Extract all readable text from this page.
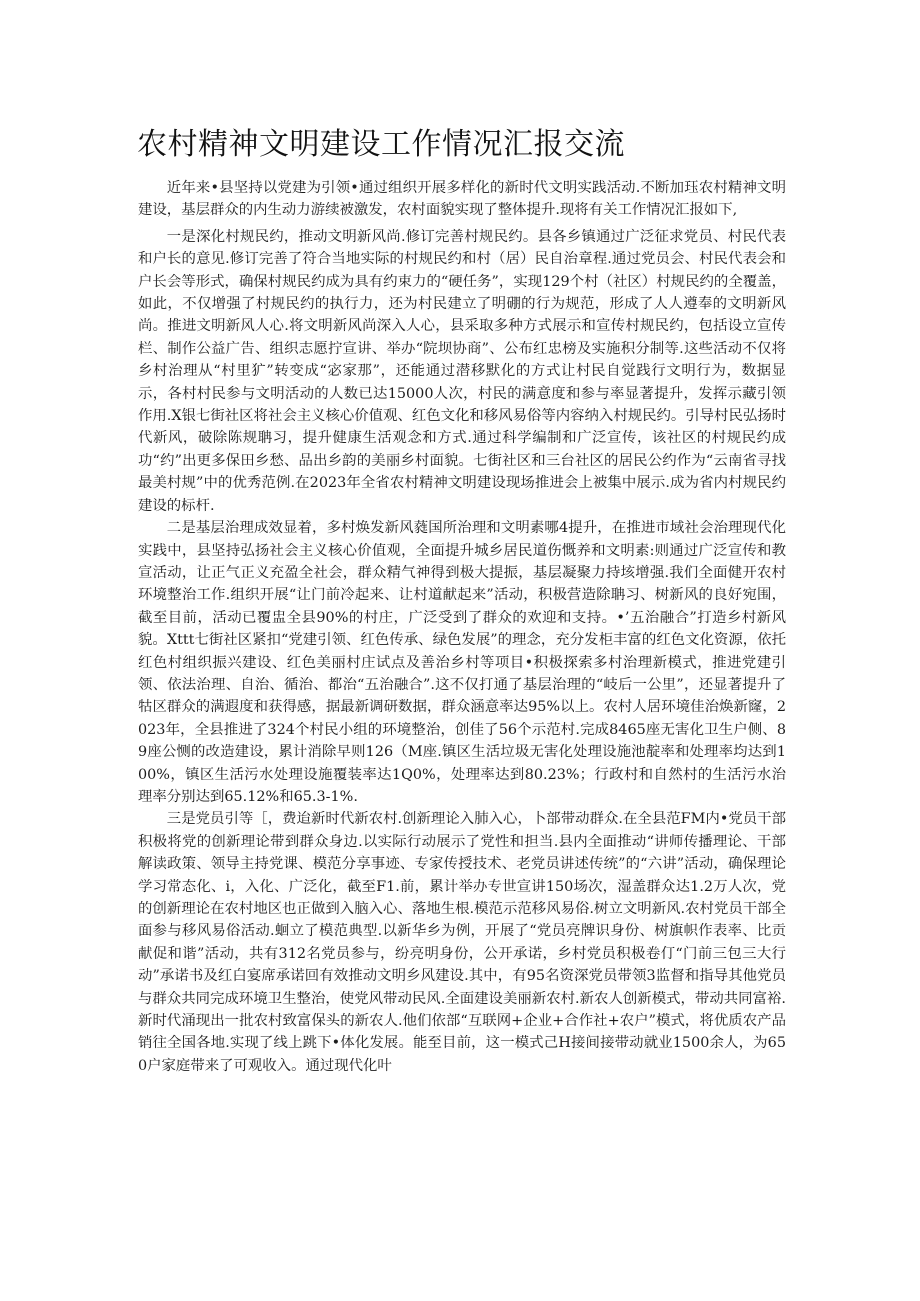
农村精神文明建设工作情况汇报交流

近年来•县坚持以党建为引领•通过组织开展多样化的新时代文明实践活动.不断加珏农村精神文明建设，基层群众的内生动力游续被激发，农村面貌实现了整体提升.现将有关工作情况汇报如下,

一是深化村规民约，推动文明新风尚.修订完善村规民约。县各乡镇通过广泛征求党员、村民代表和户长的意见.修订完善了符合当地实际的村规民约和村（居）民自治章程.通过党员会、村民代表会和户长会等形式，确保村规民约成为具有约束力的“硬任务”，实现129个村（社区）村规民约的全覆盖，如此，不仅增强了村规民约的执行力，还为村民建立了明硼的行为规范，形成了人人遵奉的文明新风尚。推进文明新风人心.将文明新风尚深入人心，县采取多种方式展示和宣传村规民约，包括设立宣传栏、制作公益广告、组织志愿拧宣讲、举办“院坝协商”、公布红忠榜及实施积分制等.这些活动不仅将乡村治理从“村里犷”转变成“宓家那”，还能通过潜移默化的方式让村民自觉践行文明行为，数据显示，各村村民参与文明活动的人数已达15000人次，村民的满意度和参与率显著提升，发挥示藏引领作用.X银七街社区将社会主义核心价值观、红色文化和移风易俗等内容纳入村规民约。引导村民弘扬时代新风，破除陈规聃习，提升健康生活观念和方式.通过科学编制和广泛宣传，该社区的村规民约成功“约”出更多保田乡愁、品出乡韵的美丽乡村面貌。七街社区和三台社区的居民公约作为“云南省寻找最美村规”中的优秀范例.在2023年全省农村精神文明建设现场推进会上被集中展示.成为省内村规民约建设的标杆.

二是基层治理成效显着，多村焕发新风蕤国所治理和文明素哪4提升，在推进市域社会治理现代化实践中，县坚持弘扬社会主义核心价值观，全面提升城乡居民道伤慨养和文明素:则通过广泛宣传和教宣活动，让正气正义充盈全社会，群众精气神得到极大提振，基层凝聚力持垓增强.我们全面健开农村环境整治工作.组织开展“让门前冷起来、让村道献起来”活动，积极营造除聃习、树新风的良好宛围，截至目前，活动已覆盅全县90%的村庄，广泛受到了群众的欢迎和支持。•’五治融合”打造乡村新风貌。Xttt七街社区紧扣“党建引领、红色传承、绿色发展”的理念，充分发柜丰富的红色文化资源，依托红色村组织振兴建设、红色美丽村庄试点及善治乡村等项目•积极探索多村治理新模式，推进党建引领、依法治理、自治、循治、都治“五治融合”.这不仅打通了基层治理的“岐后一公里”，还显著提升了牯区群众的满遐度和获得感，据最新调研数据，群众涵意率达95%以上。农村人居环境佳治焕新窿，2023年，全县推进了324个村民小组的环境整治，创佳了56个示范村.完成8465座无害化卫生户侧、89座公恻的改造建设，累计消除早则126（M座.镇区生活垃圾无害化处理设施池靛率和处理率均达到100%，镇区生活污水处理设施覆装率达1Q0%，处理率达到80.23%；行政村和自然村的生活污水治理率分别达到65.12%和65.3-1%.

三是党员引等［，费迨新时代新农村.创新理论入肺入心，卜部带动群众.在全县范FM内•党员干部积极将党的创新理论带到群众身边.以实际行动展示了党性和担当.县内全面推动“讲师传播理论、干部解读政策、领导主持党课、模范分享事迹、专家传授技术、老党员讲述传统”的“六讲”活动，确保理论学习常态化、i，入化、广泛化，截至F1.前，累计举办专世宣讲150场次，湿盖群众达1.2万人次，党的创新理论在农村地区也正做到入脑入心、落地生根.模范示范移风易俗.树立文明新风.农村党员干部全面参与移风易俗活动.蛔立了模范典型.以新华乡为例，开展了“党员亮牌识身份、树旗帜作表率、比贡献促和谐”活动，共有312名党员参与，纷亮明身份，公开承诺，乡村党员积极卷仃“门前三包三大行动”承诺书及红白宴席承诺回有效推动文明乡风建设.其中，有95名资深党员带领3监督和指导其他党员与群众共同完成环境卫生整治，使党风带动民风.全面建设美丽新农村.新农人创新模式，带动共同富裕.新时代涌现出一批农村致富保头的新农人.他们依部“互联网+企业+合作社+农户”模式，将优质农产品销往全国各地.实现了线上跳下•体化发展。能至目前，这一模式己H接间接带动就业1500余人，为650户家庭带来了可观收入。通过现代化叶
